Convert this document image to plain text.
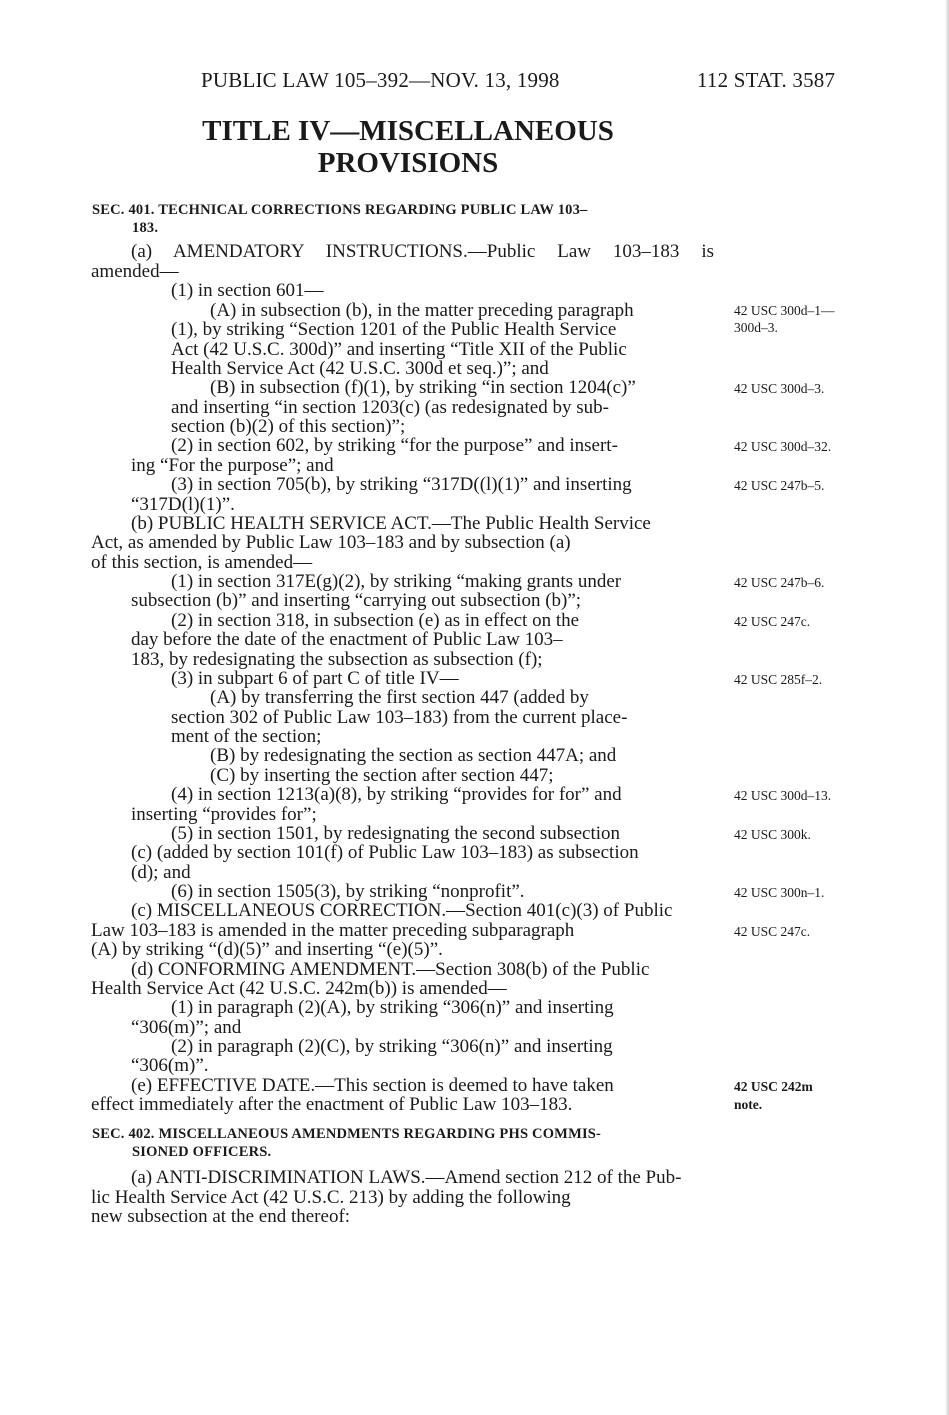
PUBLIC LAW 105–392—NOV. 13, 1998	112 STAT. 3587
TITLE IV—MISCELLANEOUS
PROVISIONS
SEC. 401. TECHNICAL CORRECTIONS REGARDING PUBLIC LAW 103–
183.
(a) AMENDATORY INSTRUCTIONS.—Public Law 103–183 is
amended—
(1) in section 601—
(A) in subsection (b), in the matter preceding paragraph
(1), by striking “Section 1201 of the Public Health Service
Act (42 U.S.C. 300d)” and inserting “Title XII of the Public
Health Service Act (42 U.S.C. 300d et seq.)”; and
(B) in subsection (f)(1), by striking “in section 1204(c)”
and inserting “in section 1203(c) (as redesignated by sub-
section (b)(2) of this section)”;
(2) in section 602, by striking “for the purpose” and insert-
ing “For the purpose”; and
(3) in section 705(b), by striking “317D((l)(1)” and inserting
“317D(l)(1)”.
(b) PUBLIC HEALTH SERVICE ACT.—The Public Health Service
Act, as amended by Public Law 103–183 and by subsection (a)
of this section, is amended—
(1) in section 317E(g)(2), by striking “making grants under
subsection (b)” and inserting “carrying out subsection (b)”;
(2) in section 318, in subsection (e) as in effect on the
day before the date of the enactment of Public Law 103–
183, by redesignating the subsection as subsection (f);
(3) in subpart 6 of part C of title IV—
(A) by transferring the first section 447 (added by
section 302 of Public Law 103–183) from the current place-
ment of the section;
(B) by redesignating the section as section 447A; and
(C) by inserting the section after section 447;
(4) in section 1213(a)(8), by striking “provides for for” and
inserting “provides for”;
(5) in section 1501, by redesignating the second subsection
(c) (added by section 101(f) of Public Law 103–183) as subsection
(d); and
(6) in section 1505(3), by striking “nonprofit”.
(c) MISCELLANEOUS CORRECTION.—Section 401(c)(3) of Public
Law 103–183 is amended in the matter preceding subparagraph
(A) by striking “(d)(5)” and inserting “(e)(5)”.
(d) CONFORMING AMENDMENT.—Section 308(b) of the Public
Health Service Act (42 U.S.C. 242m(b)) is amended—
(1) in paragraph (2)(A), by striking “306(n)” and inserting
“306(m)”; and
(2) in paragraph (2)(C), by striking “306(n)” and inserting
“306(m)”.
(e) EFFECTIVE DATE.—This section is deemed to have taken
effect immediately after the enactment of Public Law 103–183.
SEC. 402. MISCELLANEOUS AMENDMENTS REGARDING PHS COMMIS-
SIONED OFFICERS.
(a) ANTI-DISCRIMINATION LAWS.—Amend section 212 of the Pub-
lic Health Service Act (42 U.S.C. 213) by adding the following
new subsection at the end thereof:
42 USC 300d–1—
300d–3.
42 USC 300d–3.
42 USC 300d–32.
42 USC 247b–5.
42 USC 247b–6.
42 USC 247c.
42 USC 285f–2.
42 USC 300d–13.
42 USC 300k.
42 USC 300n–1.
42 USC 247c.
42 USC 242m
note.
